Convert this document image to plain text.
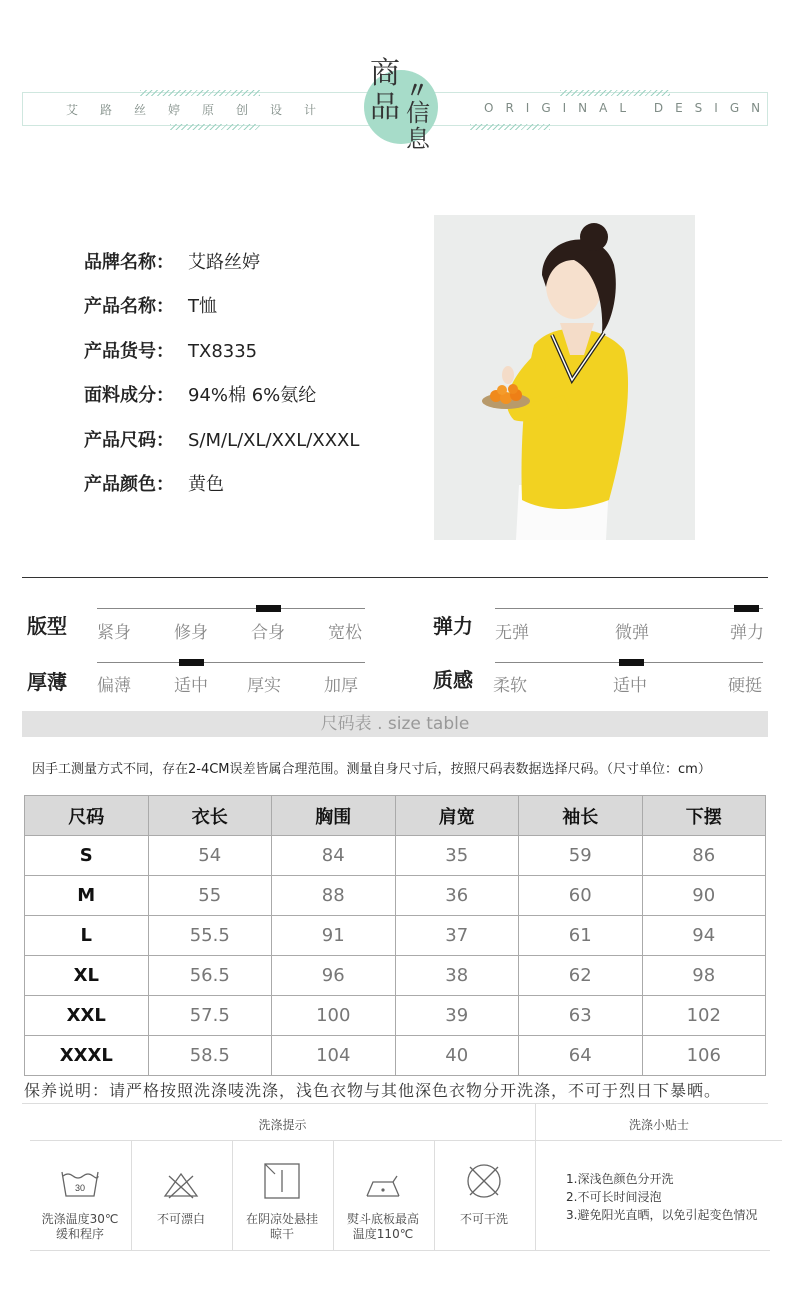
艾路丝婷原创设计	ORIGINAL DESIGN
商
品 〃
信
息
品牌名称： 艾路丝婷
产品名称： T恤
产品货号： TX8335
面料成分： 94%棉 6%氨纶
产品尺码： S/M/L/XL/XXL/XXXL
产品颜色： 黄色
版型 紧身	修身	合身	宽松	弹力 无弹	微弹	弹力
厚薄 偏薄	适中 厚实	加厚	质感 柔软	适中	硬挺
尺码表 . size table
因手工测量方式不同，存在2-4CM误差皆属合理范围。测量自身尺寸后，按照尺码表数据选择尺码。（尺寸单位：cm）
尺码	衣长	胸围	肩宽	袖长	下摆
S	54	84	35	59	86
M	55	88	36	60	90
L	55.5	91	37	61	94
XL	56.5	96	38	62	98
XXL	57.5	100	39	63	102
XXXL	58.5	104	40	64	106
保养说明：请严格按照洗涤唛洗涤，浅色衣物与其他深色衣物分开洗涤，不可于烈日下暴晒。
洗涤提示	洗涤小贴士
30
洗涤温度30℃
缓和程序
不可漂白	在阴凉处悬挂
晾干
熨斗底板最高
温度110℃
不可干洗
1.深浅色颜色分开洗
2.不可长时间浸泡
3.避免阳光直晒，以免引起变色情况
